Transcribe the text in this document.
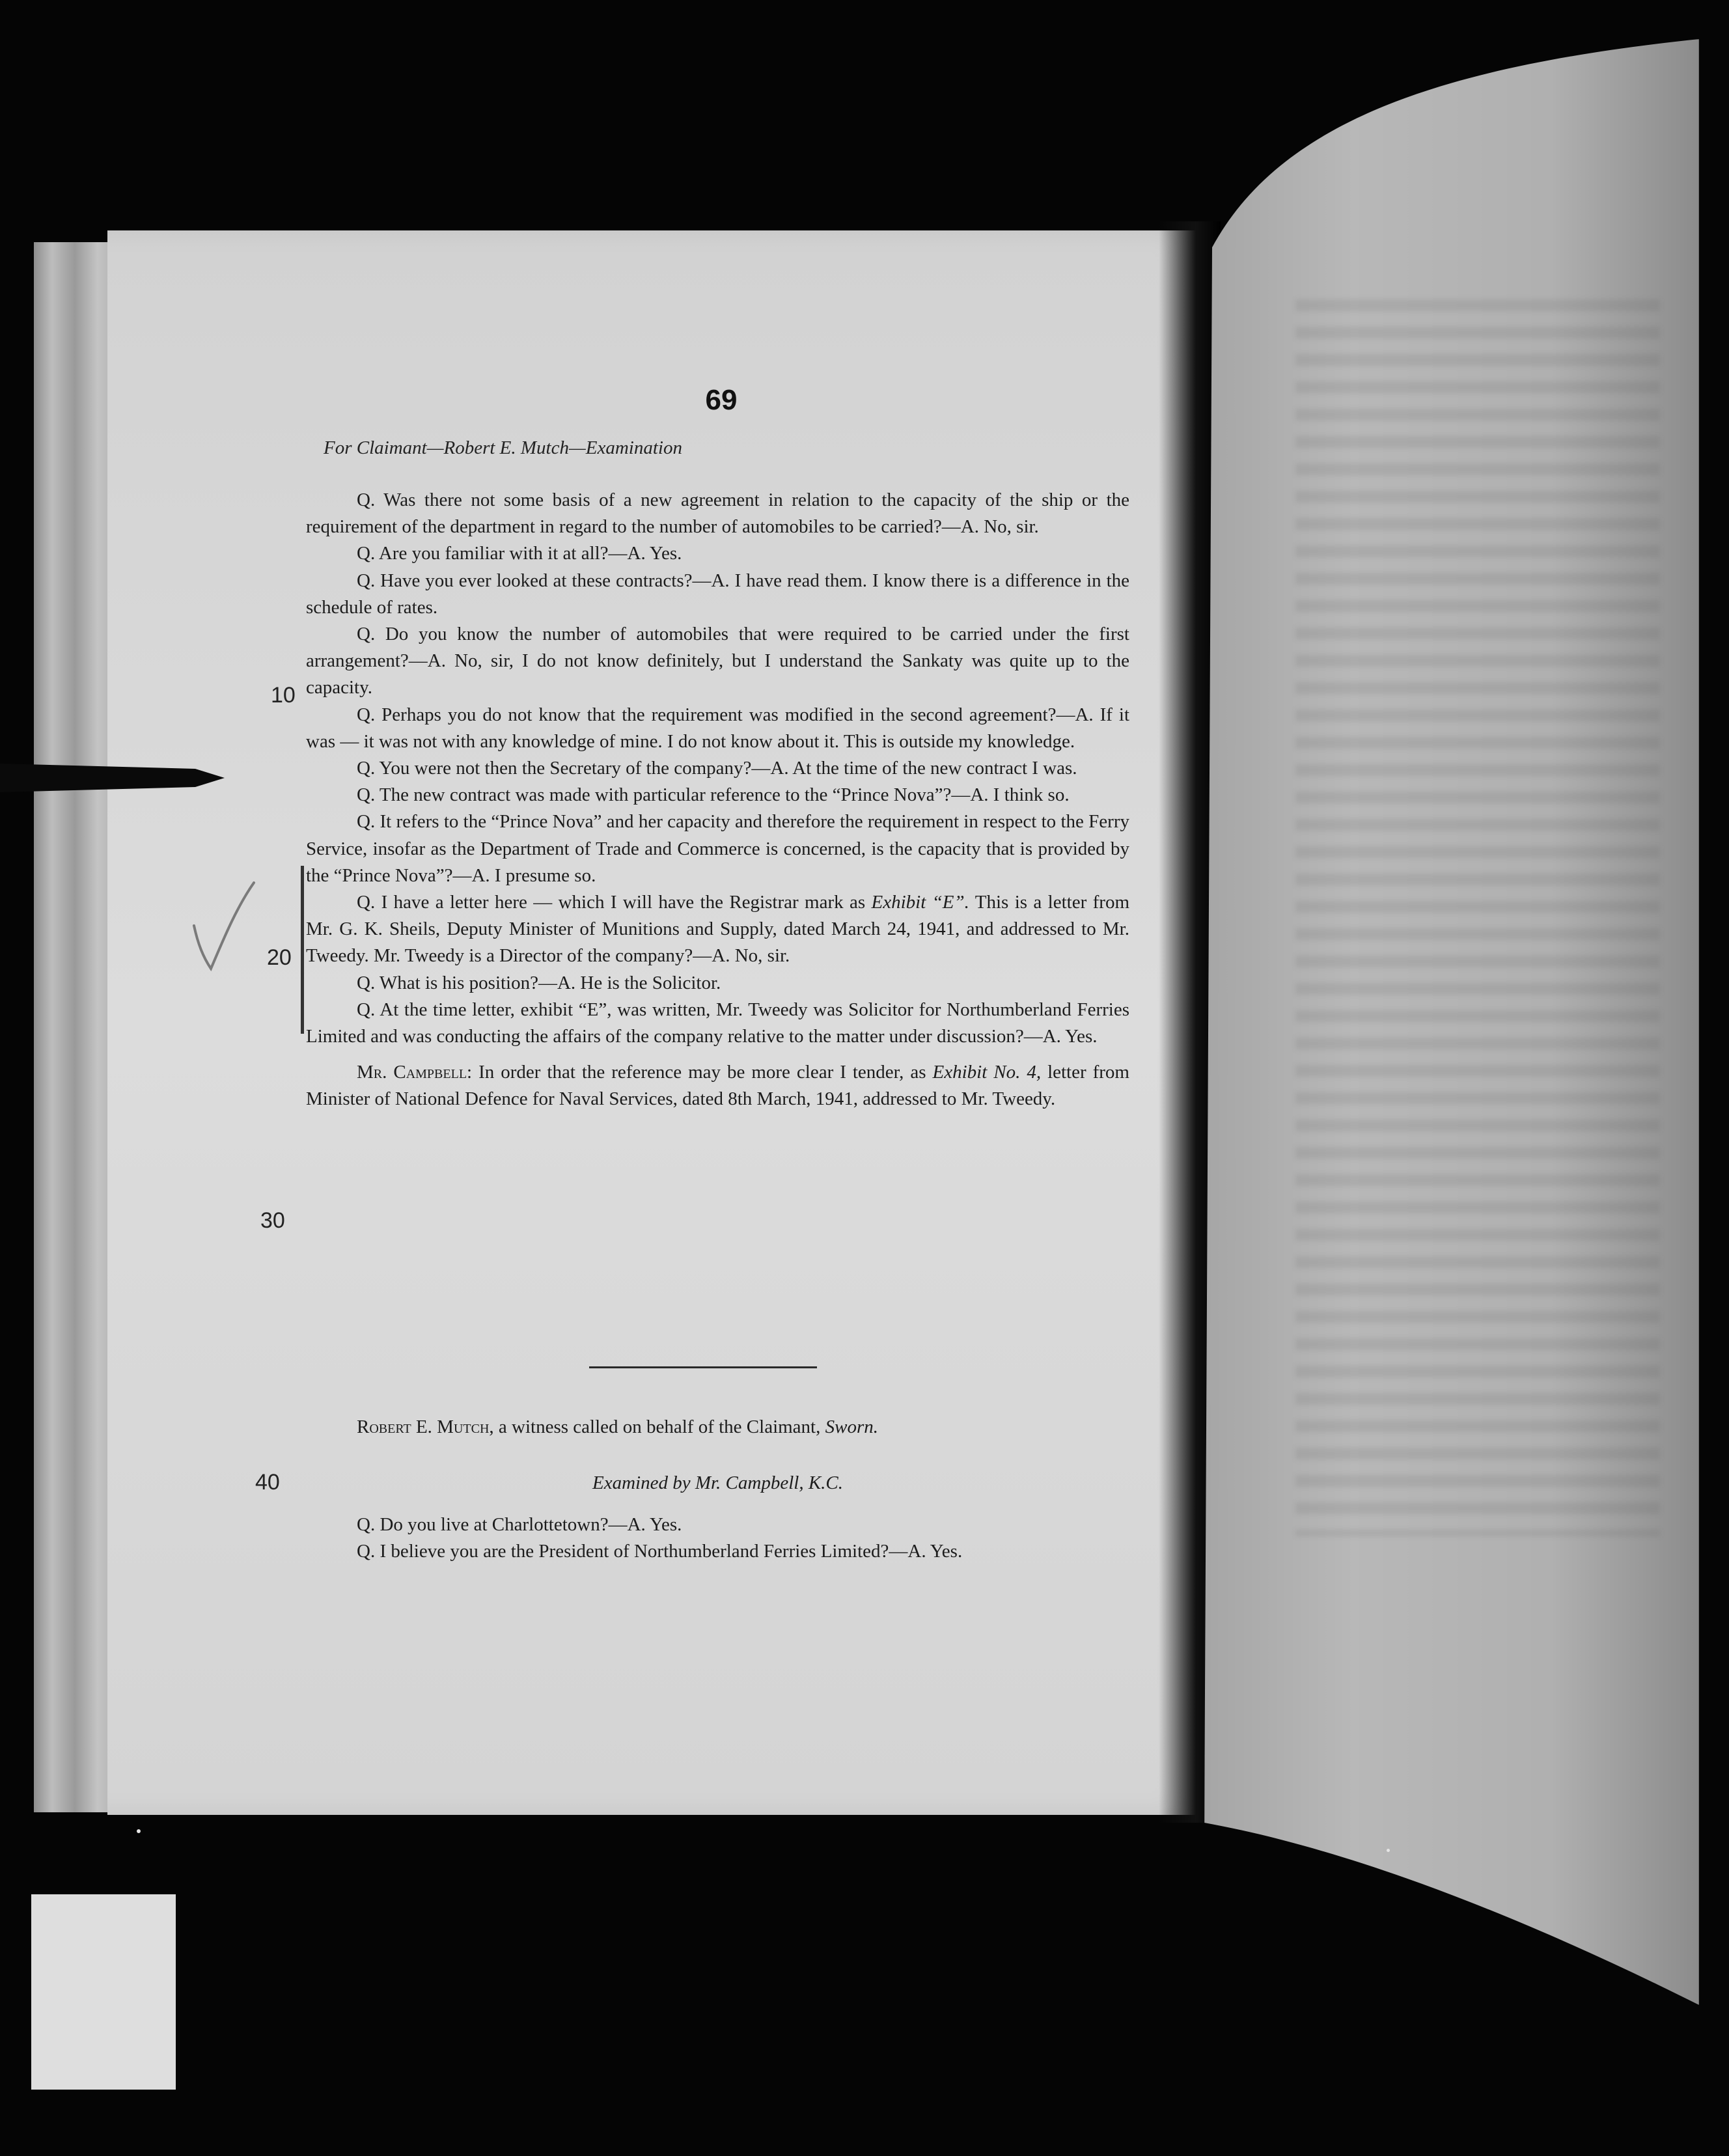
69
For Claimant—Robert E. Mutch—Examination
10
20
30
40

Q. Was there not some basis of a new agreement in relation to the capacity of the ship or the requirement of the department in regard to the number of automobiles to be carried?—A. No, sir.

Q. Are you familiar with it at all?—A. Yes.

Q. Have you ever looked at these contracts?—A. I have read them. I know there is a difference in the schedule of rates.

Q. Do you know the number of automobiles that were required to be carried under the first arrangement?—A. No, sir, I do not know definitely, but I understand the Sankaty was quite up to the capacity.

Q. Perhaps you do not know that the requirement was modified in the second agreement?—A. If it was — it was not with any knowledge of mine. I do not know about it. This is outside my knowledge.

Q. You were not then the Secretary of the company?—A. At the time of the new contract I was.

Q. The new contract was made with particular reference to the “Prince Nova”?—A. I think so.

Q. It refers to the “Prince Nova” and her capacity and therefore the requirement in respect to the Ferry Service, insofar as the Department of Trade and Commerce is concerned, is the capacity that is provided by the “Prince Nova”?—A. I presume so.

Q. I have a letter here — which I will have the Registrar mark as Exhibit “E”. This is a letter from Mr. G. K. Sheils, Deputy Minister of Munitions and Supply, dated March 24, 1941, and addressed to Mr. Tweedy. Mr. Tweedy is a Director of the company?—A. No, sir.

Q. What is his position?—A. He is the Solicitor.

Q. At the time letter, exhibit “E”, was written, Mr. Tweedy was Solicitor for Northumberland Ferries Limited and was conducting the affairs of the company relative to the matter under discussion?—A. Yes.

Mr. Campbell: In order that the reference may be more clear I tender, as Exhibit No. 4, letter from Minister of National Defence for Naval Services, dated 8th March, 1941, addressed to Mr. Tweedy.

Robert E. Mutch, a witness called on behalf of the Claimant, Sworn.

Examined by Mr. Campbell, K.C.

Q. Do you live at Charlottetown?—A. Yes.

Q. I believe you are the President of Northumberland Ferries Limited?—A. Yes.
